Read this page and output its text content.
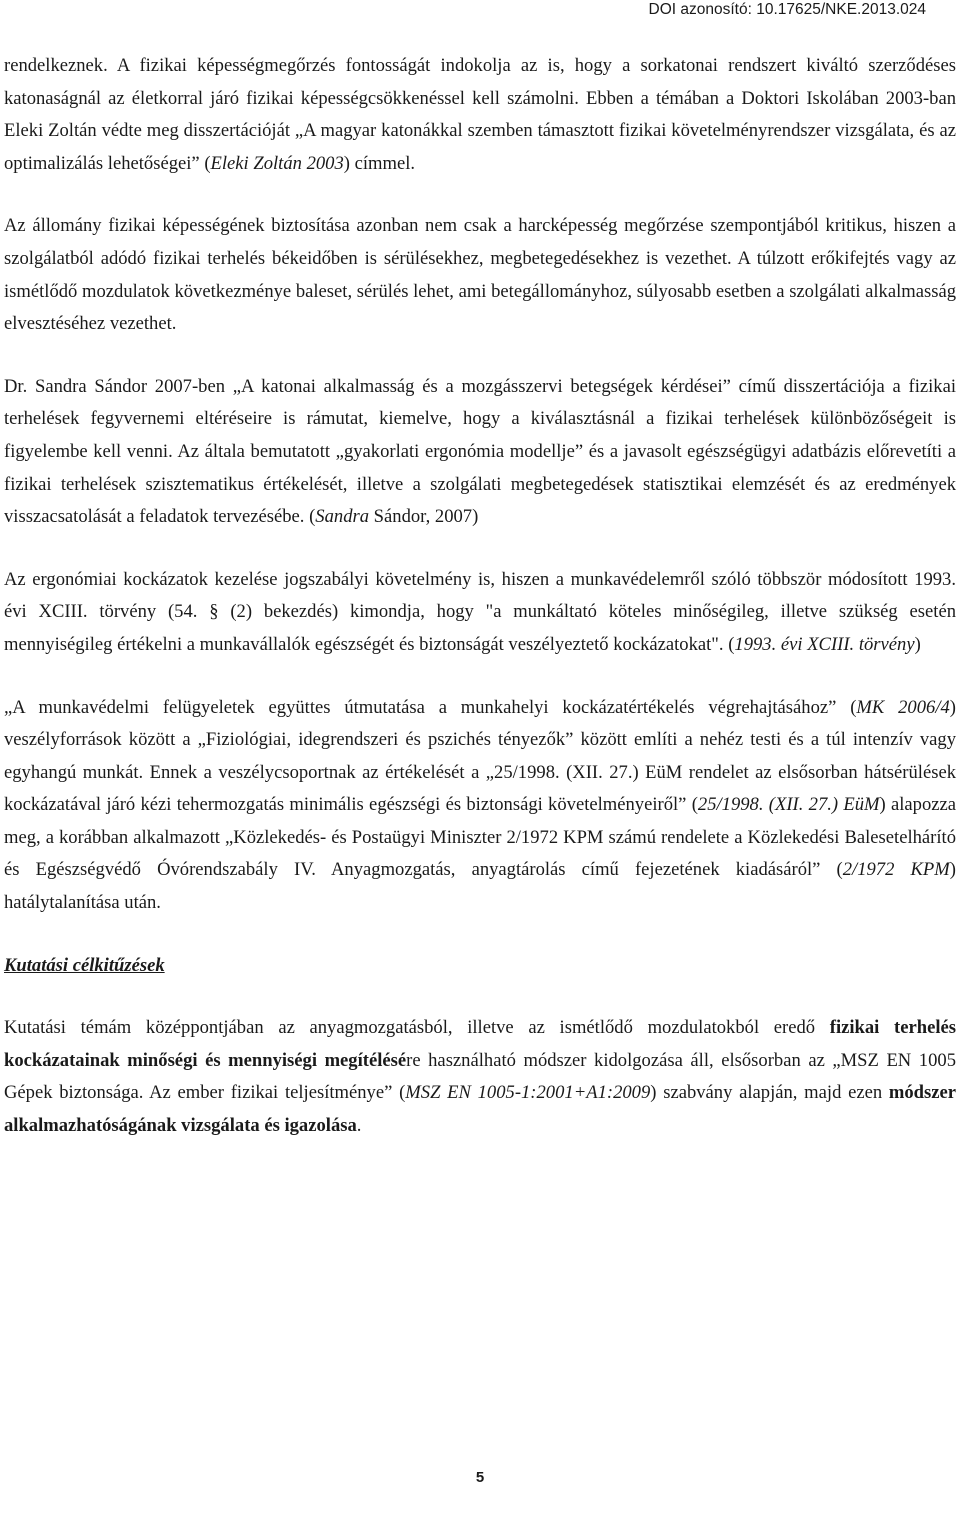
DOI azonosító: 10.17625/NKE.2013.024

rendelkeznek. A fizikai képességmegőrzés fontosságát indokolja az is, hogy a sorkatonai rendszert kiváltó szerződéses katonaságnál az életkorral járó fizikai képességcsökkenéssel kell számolni. Ebben a témában a Doktori Iskolában 2003-ban Eleki Zoltán védte meg disszertációját „A magyar katonákkal szemben támasztott fizikai követelményrendszer vizsgálata, és az optimalizálás lehetőségei” (Eleki Zoltán 2003) címmel.

Az állomány fizikai képességének biztosítása azonban nem csak a harcképesség megőrzése szempontjából kritikus, hiszen a szolgálatból adódó fizikai terhelés békeidőben is sérülésekhez, megbetegedésekhez is vezethet. A túlzott erőkifejtés vagy az ismétlődő mozdulatok következménye baleset, sérülés lehet, ami betegállományhoz, súlyosabb esetben a szolgálati alkalmasság elvesztéséhez vezethet.

Dr. Sandra Sándor 2007-ben „A katonai alkalmasság és a mozgásszervi betegségek kérdései” című disszertációja a fizikai terhelések fegyvernemi eltéréseire is rámutat, kiemelve, hogy a kiválasztásnál a fizikai terhelések különbözőségeit is figyelembe kell venni. Az általa bemutatott „gyakorlati ergonómia modellje” és a javasolt egészségügyi adatbázis előrevetíti a fizikai terhelések szisztematikus értékelését, illetve a szolgálati megbetegedések statisztikai elemzését és az eredmények visszacsatolását a feladatok tervezésébe. (Sandra Sándor, 2007)

Az ergonómiai kockázatok kezelése jogszabályi követelmény is, hiszen a munkavédelemről szóló többször módosított 1993. évi XCIII. törvény (54. § (2) bekezdés) kimondja, hogy "a munkáltató köteles minőségileg, illetve szükség esetén mennyiségileg értékelni a munkavállalók egészségét és biztonságát veszélyeztető kockázatokat". (1993. évi XCIII. törvény)

„A munkavédelmi felügyeletek együttes útmutatása a munkahelyi kockázatértékelés végrehajtásához” (MK 2006/4) veszélyforrások között a „Fiziológiai, idegrendszeri és pszichés tényezők” között említi a nehéz testi és a túl intenzív vagy egyhangú munkát. Ennek a veszélycsoportnak az értékelését a „25/1998. (XII. 27.) EüM rendelet az elsősorban hátsérülések kockázatával járó kézi tehermozgatás minimális egészségi és biztonsági követelményeiről” (25/1998. (XII. 27.) EüM) alapozza meg, a korábban alkalmazott „Közlekedés- és Postaügyi Miniszter 2/1972 KPM számú rendelete a Közlekedési Balesetelhárító és Egészségvédő Óvórendszabály IV. Anyagmozgatás, anyagtárolás című fejezetének kiadásáról” (2/1972 KPM) hatálytalanítása után.

Kutatási célkitűzések

Kutatási témám középpontjában az anyagmozgatásból, illetve az ismétlődő mozdulatokból eredő fizikai terhelés kockázatainak minőségi és mennyiségi megítélésére használható módszer kidolgozása áll, elsősorban az „MSZ EN 1005 Gépek biztonsága. Az ember fizikai teljesítménye” (MSZ EN 1005-1:2001+A1:2009) szabvány alapján, majd ezen módszer alkalmazhatóságának vizsgálata és igazolása.

5
